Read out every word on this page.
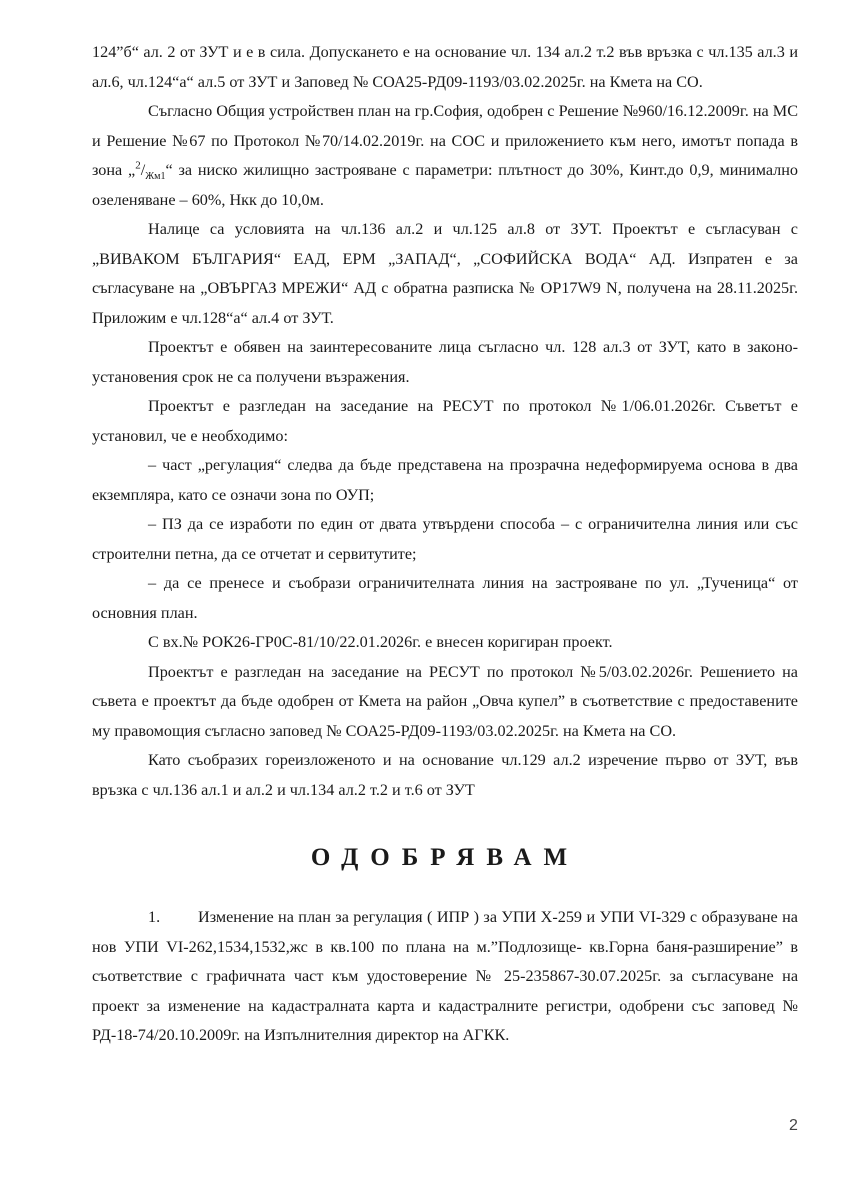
124”б“ ал. 2 от ЗУТ и е в сила. Допускането е на основание чл. 134 ал.2 т.2 във връзка с чл.135 ал.3 и ал.6, чл.124“а“ ал.5 от ЗУТ и Заповед № СОА25-РД09-1193/03.02.2025г. на Кмета на СО.

Съгласно Общия устройствен план на гр.София, одобрен с Решение №960/16.12.2009г. на МС и Решение №67 по Протокол №70/14.02.2019г. на СОС и приложението към него, имотът попада в зона $„^2/_{Жм1}“$ за ниско жилищно застрояване с параметри: плътност до 30%, Кинт.до 0,9, минимално озеленяване – 60%, Нкк до 10,0м.

Налице са условията на чл.136 ал.2 и чл.125 ал.8 от ЗУТ. Проектът е съгласуван с „ВИВАКОМ БЪЛГАРИЯ“ ЕАД, ЕРМ „ЗАПАД“, „СОФИЙСКА ВОДА“ АД. Изпратен е за съгласуване на „ОВЪРГАЗ МРЕЖИ“ АД с обратна разписка № ОР17W9 N, получена на 28.11.2025г. Приложим е чл.128“а“ ал.4 от ЗУТ.

Проектът е обявен на заинтересованите лица съгласно чл. 128 ал.3 от ЗУТ, като в законо-установения срок не са получени възражения.

Проектът е разгледан на заседание на РЕСУТ по протокол №1/06.01.2026г. Съветът е установил, че е необходимо:

– част „регулация“ следва да бъде представена на прозрачна недеформируема основа в два екземпляра, като се означи зона по ОУП;

– ПЗ да се изработи по един от двата утвърдени способа – с ограничителна линия или със строителни петна, да се отчетат и сервитутите;

– да се пренесе и съобрази ограничителната линия на застрояване по ул. „Тученица“ от основния план.

С вх.№ РОК26-ГР0С-81/10/22.01.2026г. е внесен коригиран проект.

Проектът е разгледан на заседание на РЕСУТ по протокол №5/03.02.2026г. Решението на съвета е проектът да бъде одобрен от Кмета на район „Овча купел” в съответствие с предоставените му правомощия съгласно заповед № СОА25-РД09-1193/03.02.2025г. на Кмета на СО.

Като съобразих гореизложеното и на основание чл.129 ал.2 изречение първо от ЗУТ, във връзка с чл.136 ал.1 и ал.2 и чл.134 ал.2 т.2 и т.6 от ЗУТ

ОДОБРЯВАМ

1. Изменение на план за регулация ( ИПР ) за УПИ Х-259 и УПИ VI-329 с образуване на нов УПИ VI-262,1534,1532,жс в кв.100 по плана на м.”Подлозище- кв.Горна баня-разширение” в съответствие с графичната част към удостоверение № 25-235867-30.07.2025г. за съгласуване на проект за изменение на кадастралната карта и кадастралните регистри, одобрени със заповед № РД-18-74/20.10.2009г. на Изпълнителния директор на АГКК.

2
